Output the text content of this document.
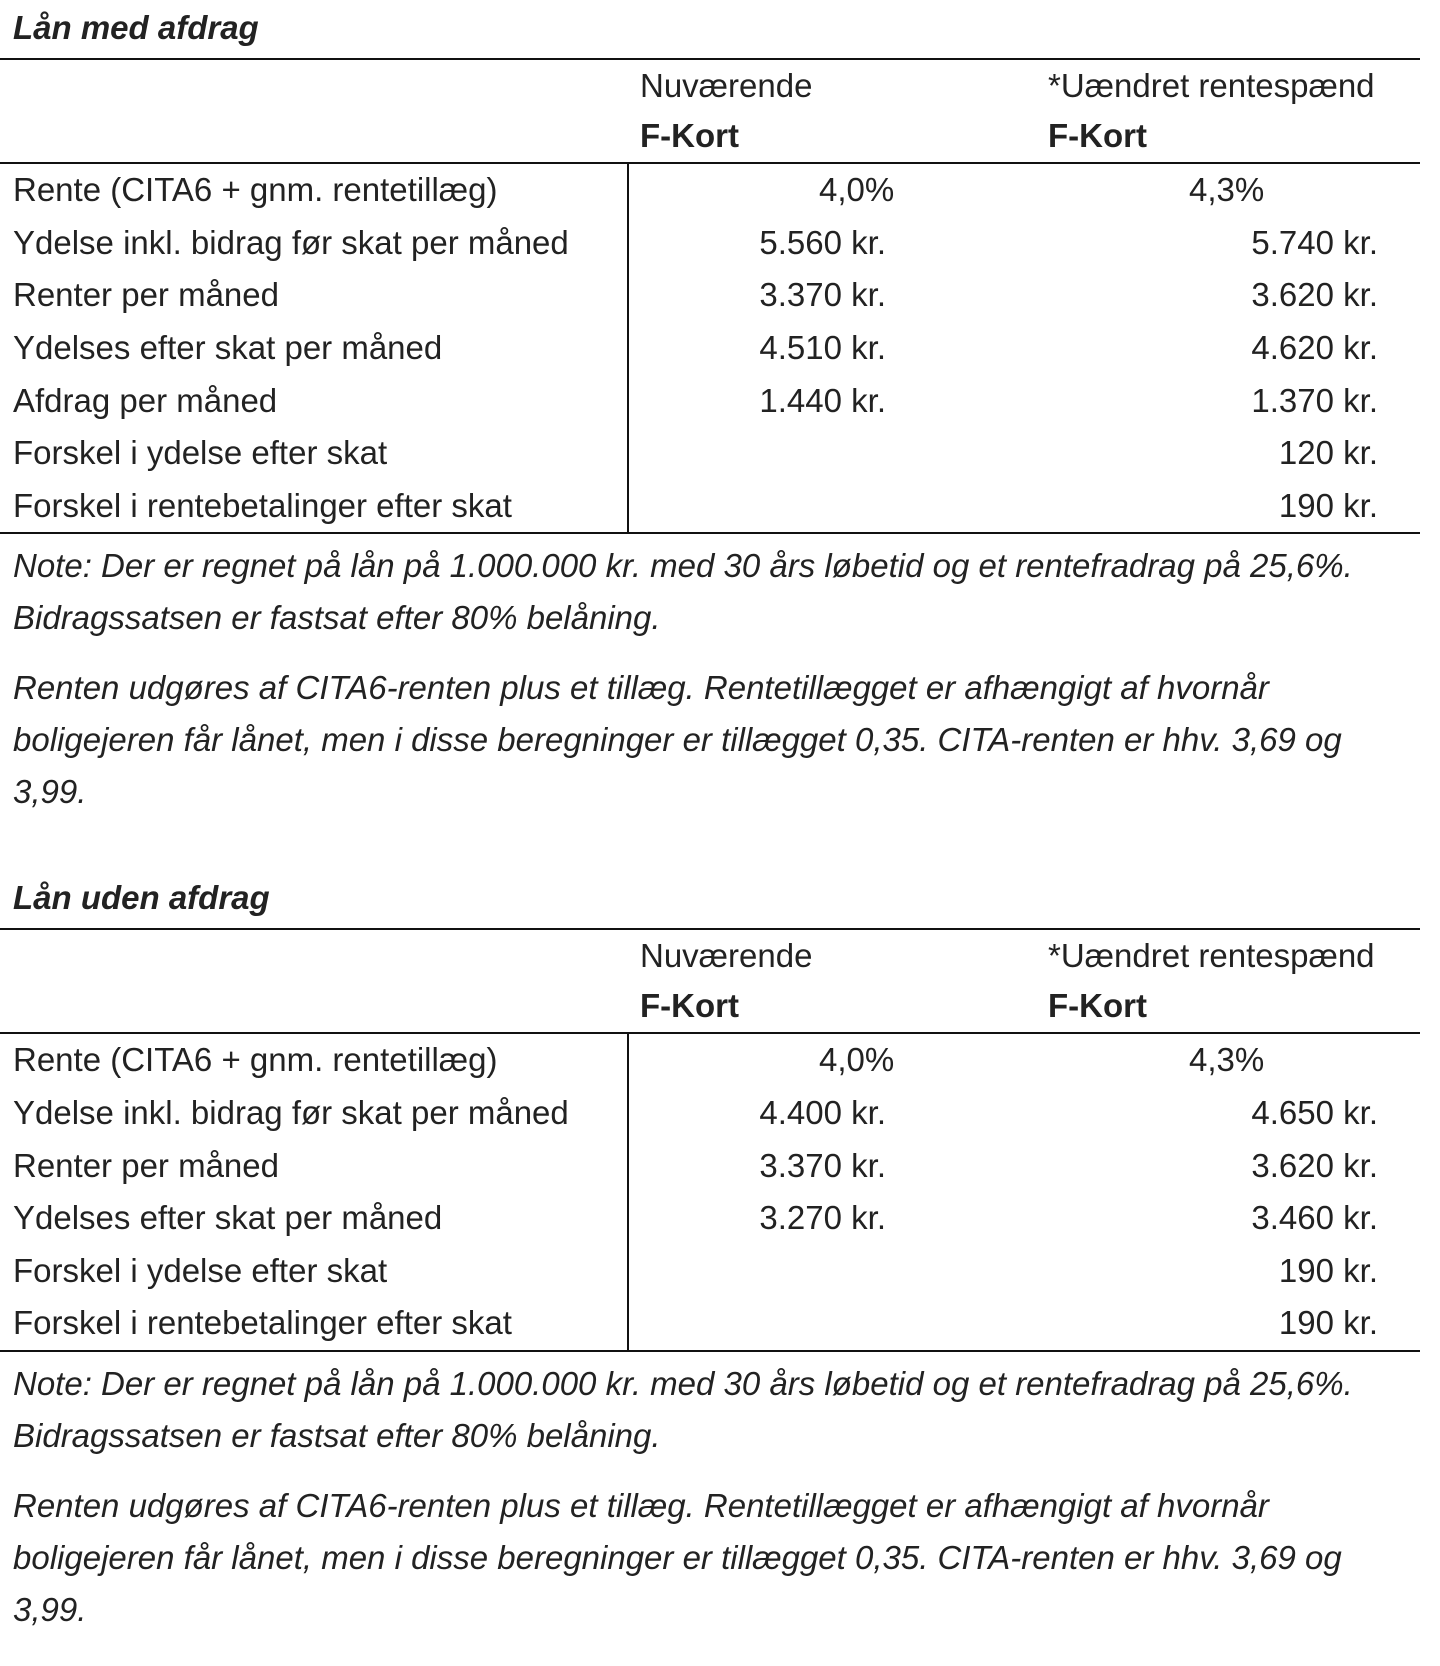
Lån med afdrag
	Nuværende	*Uændret rentespænd
	F-Kort	F-Kort
Rente (CITA6 + gnm. rentetillæg)	4,0%	4,3%
Ydelse inkl. bidrag før skat per måned	5.560 kr.	5.740 kr.
Renter per måned	3.370 kr.	3.620 kr.
Ydelses efter skat per måned	4.510 kr.	4.620 kr.
Afdrag per måned	1.440 kr.	1.370 kr.
Forskel i ydelse efter skat		120 kr.
Forskel i rentebetalinger efter skat		190 kr.

Note: Der er regnet på lån på 1.000.000 kr. med 30 års løbetid og et rentefradrag på 25,6%. Bidragssatsen er fastsat efter 80% belåning.

Renten udgøres af CITA6-renten plus et tillæg. Rentetillægget er afhængigt af hvornår boligejeren får lånet, men i disse beregninger er tillægget 0,35. CITA-renten er hhv. 3,69 og 3,99.

Lån uden afdrag
	Nuværende	*Uændret rentespænd
	F-Kort	F-Kort
Rente (CITA6 + gnm. rentetillæg)	4,0%	4,3%
Ydelse inkl. bidrag før skat per måned	4.400 kr.	4.650 kr.
Renter per måned	3.370 kr.	3.620 kr.
Ydelses efter skat per måned	3.270 kr.	3.460 kr.
Forskel i ydelse efter skat		190 kr.
Forskel i rentebetalinger efter skat		190 kr.

Note: Der er regnet på lån på 1.000.000 kr. med 30 års løbetid og et rentefradrag på 25,6%. Bidragssatsen er fastsat efter 80% belåning.

Renten udgøres af CITA6-renten plus et tillæg. Rentetillægget er afhængigt af hvornår boligejeren får lånet, men i disse beregninger er tillægget 0,35. CITA-renten er hhv. 3,69 og 3,99.
